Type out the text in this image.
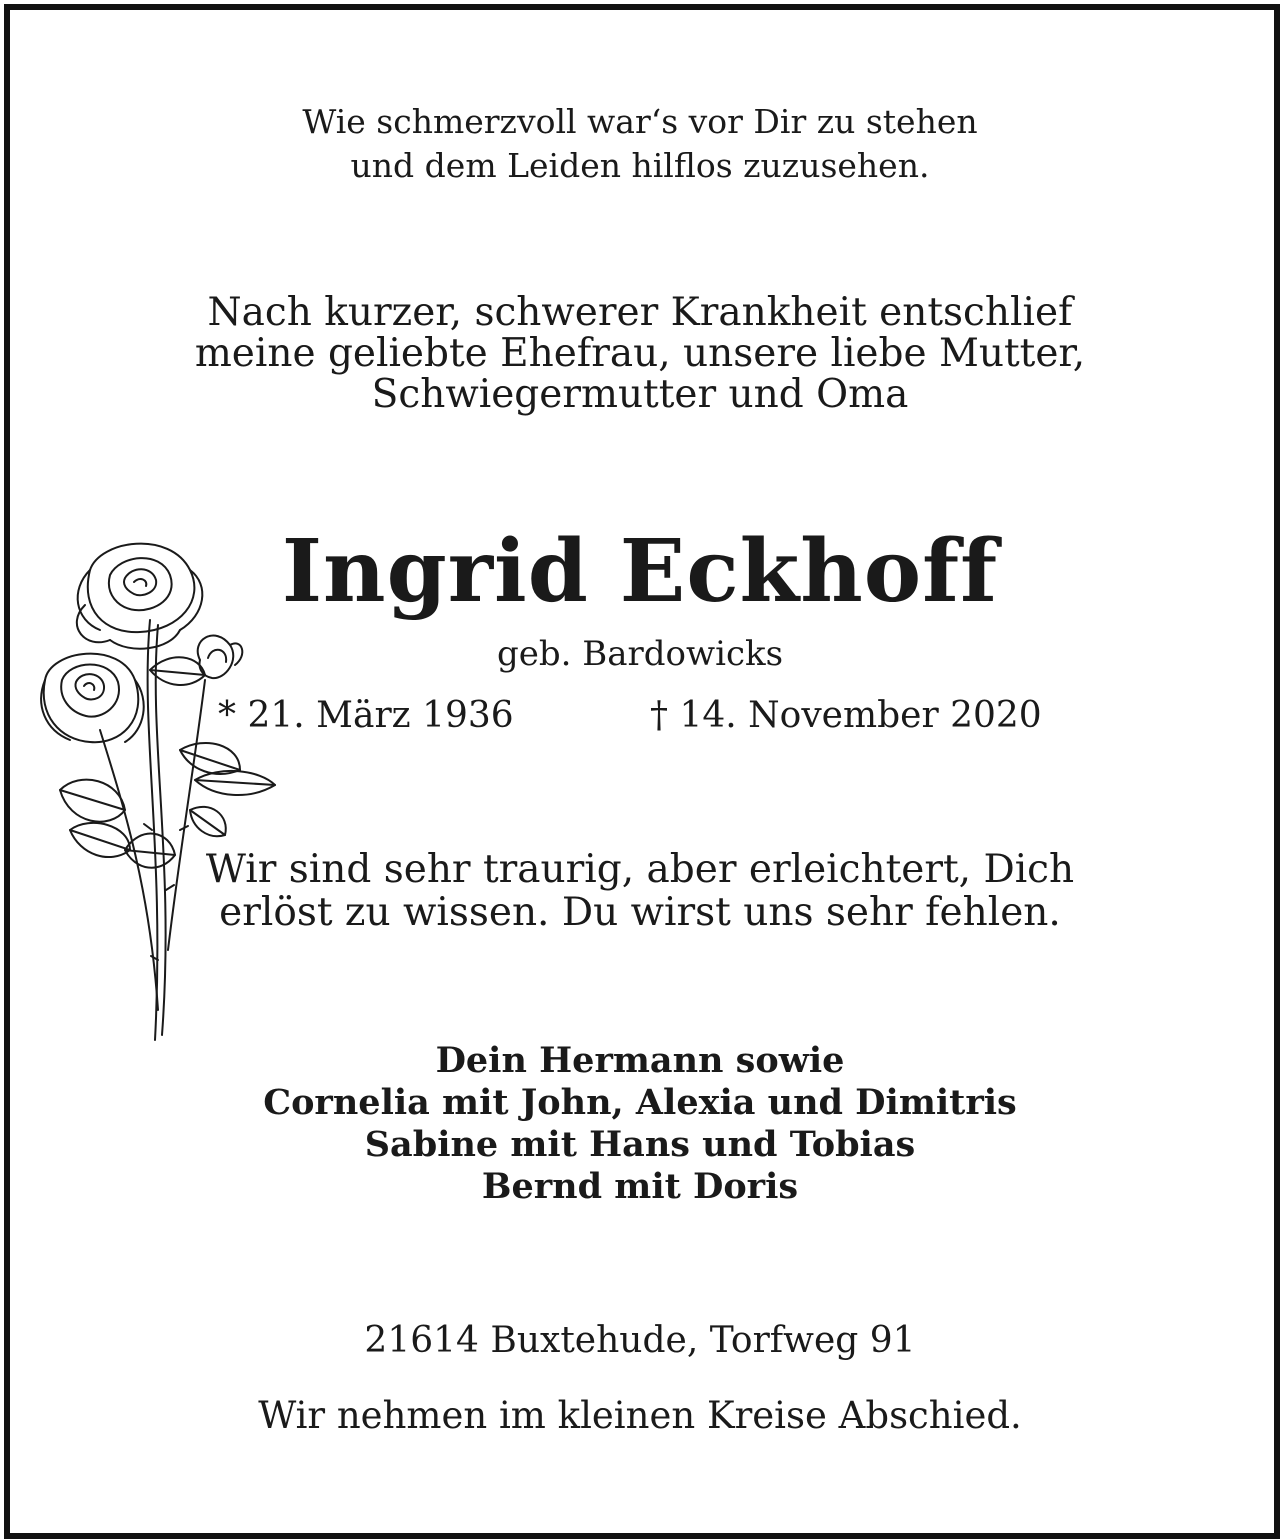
Wie schmerzvoll war‘s vor Dir zu stehen
und dem Leiden hilflos zuzusehen.
Nach kurzer, schwerer Krankheit entschlief
meine geliebte Ehefrau, unsere liebe Mutter,
Schwiegermutter und Oma
Ingrid Eckhoff
geb. Bardowicks
* 21. März 1936	† 14. November 2020
Wir sind sehr traurig, aber erleichtert, Dich
erlöst zu wissen. Du wirst uns sehr fehlen.
Dein Hermann sowie
Cornelia mit John, Alexia und Dimitris
Sabine mit Hans und Tobias
Bernd mit Doris
21614 Buxtehude, Torfweg 91
Wir nehmen im kleinen Kreise Abschied.
